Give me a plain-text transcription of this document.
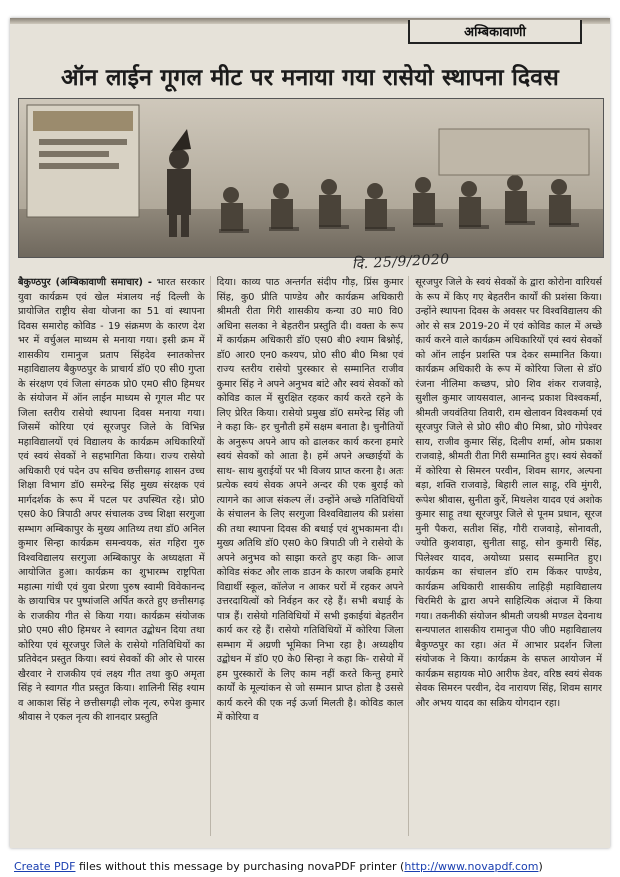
अम्बिकावाणी
ऑन लाईन गूगल मीट पर मनाया गया रासेयो स्थापना दिवस
दि. 25/9/2020

बैकुण्ठपुर (अम्बिकावाणी समाचार) - भारत सरकार युवा कार्यक्रम एवं खेल मंत्रालय नई दिल्ली के प्रायोजित राष्ट्रीय सेवा योजना का 51 वां स्थापना दिवस समारोह कोविड - 19 संक्रमण के कारण देश भर में वर्चुअल माध्यम से मनाया गया। इसी क्रम में शासकीय रामानुज प्रताप सिंहदेव स्नातकोत्तर महाविद्यालय बैकुण्ठपुर के प्राचार्य डॉ0 ए0 सी0 गुप्ता के संरक्षण एवं जिला संगठक प्रो0 एम0 सी0 हिमधर के संयोजन में ऑन लाईन माध्यम से गूगल मीट पर जिला स्तरीय रासेयो स्थापना दिवस मनाया गया। जिसमें कोरिया एवं सूरजपुर जिले के विभिन्न महाविद्यालयों एवं विद्यालय के कार्यक्रम अधिकारियों एवं स्वयं सेवकों ने सहभागिता किया। राज्य रासेयो अधिकारी एवं पदेन उप सचिव छत्तीसगढ़ शासन उच्च शिक्षा विभाग डॉ0 समरेन्द्र सिंह मुख्य संरक्षक एवं मार्गदर्शक के रूप में पटल पर उपस्थित रहे। प्रो0 एस0 के0 त्रिपाठी अपर संचालक उच्च शिक्षा सरगुजा सम्भाग अम्बिकापुर के मुख्य आतिथ्य तथा डॉ0 अनिल कुमार सिन्हा कार्यक्रम समन्वयक, संत गहिरा गुरु विश्वविद्यालय सरगुजा अम्बिकापुर के अध्यक्षता में आयोजित हुआ। कार्यक्रम का शुभारम्भ राष्ट्रपिता महात्मा गांधी एवं युवा प्रेरणा पुरुष स्वामी विवेकानन्द के छायाचित्र पर पुष्पांजलि अर्पित करते हुए छत्तीसगढ़ के राजकीय गीत से किया गया। कार्यक्रम संयोजक प्रो0 एम0 सी0 हिमधर ने स्वागत उद्बोधन दिया तथा कोरिया एवं सूरजपुर जिले के रासेयो गतिविधियों का प्रतिवेदन प्रस्तुत किया। स्वयं सेवकों की ओर से पारस खैरवार ने राजकीय एवं लक्ष्य गीत तथा कु0 अमृता सिंह ने स्वागत गीत प्रस्तुत किया। शालिनी सिंह श्याम व आकाश सिंह ने छत्तीसगढ़ी लोक नृत्य, रुपेश कुमार श्रीवास ने एकल नृत्य की शानदार प्रस्तुति

दिया। काव्य पाठ अन्तर्गत संदीप गौड़, प्रिंस कुमार सिंह, कु0 प्रीति पाण्डेय और कार्यक्रम अधिकारी श्रीमती रीता गिरी शासकीय कन्या उ0 मा0 वि0 अधिना सलका ने बेहतरीन प्रस्तुति दी। वक्ता के रूप में कार्यक्रम अधिकारी डॉ0 एस0 बी0 श्याम बिश्नोई, डॉ0 आर0 एन0 कश्यप, प्रो0 सी0 बी0 मिश्रा एवं राज्य स्तरीय रासेयो पुरस्कार से सम्मानित राजीव कुमार सिंह ने अपने अनुभव बांटे और स्वयं सेवकों को कोविड काल में सुरक्षित रहकर कार्य करते रहने के लिए प्रेरित किया। रासेयो प्रमुख डॉ0 समरेन्द्र सिंह जी ने कहा कि- हर चुनौती हमें सक्षम बनाता है। चुनौतियों के अनुरूप अपने आप को ढालकर कार्य करना हमारे स्वयं सेवकों को आता है। हमें अपने अच्छाईयों के साथ- साथ बुराईयों पर भी विजय प्राप्त करना है। अतः प्रत्येक स्वयं सेवक अपने अन्दर की एक बुराई को त्यागने का आज संकल्प लें। उन्होंने अच्छे गतिविधियों के संचालन के लिए सरगुजा विश्वविद्यालय की प्रशंसा की तथा स्थापना दिवस की बधाई एवं शुभकामना दी। मुख्य अतिथि डॉ0 एस0 के0 त्रिपाठी जी ने रासेयो के अपने अनुभव को साझा करते हुए कहा कि- आज कोविड संकट और लाक डाउन के कारण जबकि हमारे विद्यार्थी स्कूल, कॉलेज न आकर घरों में रहकर अपने उत्तरदायित्वों को निर्वहन कर रहे हैं। सभी बधाई के पात्र हैं। रासेयो गतिविधियों में सभी इकाईयां बेहतरीन कार्य कर रहे हैं। रासेयो गतिविधियों में कोरिया जिला सम्भाग में अग्रणी भूमिका निभा रहा है। अध्यक्षीय उद्बोधन में डॉ0 ए0 के0 सिन्हा ने कहा कि- रासेयो में हम पुरस्कारों के लिए काम नहीं करते किन्तु हमारे कार्यों के मूल्यांकन से जो सम्मान प्राप्त होता है उससे कार्य करने की एक नई ऊर्जा मिलती है। कोविड काल में कोरिया व

सूरजपुर जिले के स्वयं सेवकों के द्वारा कोरोना वारियर्स के रूप में किए गए बेहतरीन कार्यों की प्रशंसा किया। उन्होंने स्थापना दिवस के अवसर पर विश्वविद्यालय की ओर से सत्र 2019-20 में एवं कोविड काल में अच्छे कार्य करने वाले कार्यक्रम अधिकारियों एवं स्वयं सेवकों को ऑन लाईन प्रशस्ति पत्र देकर सम्मानित किया। कार्यक्रम अधिकारी के रूप में कोरिया जिला से डॉ0 रंजना नीलिमा कच्छप, प्रो0 शिव शंकर राजवाड़े, सुशील कुमार जायसवाल, आनन्द प्रकाश विश्वकर्मा, श्रीमती जयवंतिया तिवारी, राम खेलावन विश्वकर्मा एवं सूरजपुर जिले से प्रो0 सी0 बी0 मिश्रा, प्रो0 गोपेश्वर साय, राजीव कुमार सिंह, दिलीप शर्मा, ओम प्रकाश राजवाड़े, श्रीमती रीता गिरी सम्मानित हुए। स्वयं सेवकों में कोरिया से सिमरन परवीन, शिवम सागर, अल्पना बड़ा, शक्ति राजवाड़े, बिहारी लाल साहू, रवि मुंगरी, रूपेश श्रीवास, सुनीता कुर्रे, मिथलेश यादव एवं अशोक कुमार साहू तथा सूरजपुर जिले से पूनम प्रधान, सूरज मुनी पैकरा, सतीश सिंह, गौरी राजवाड़े, सोनावती, ज्योति कुशवाहा, सुनीता साहू, सोन कुमारी सिंह, पिलेश्वर यादव, अयोध्या प्रसाद सम्मानित हुए। कार्यक्रम का संचालन डॉ0 राम किंकर पाण्डेय, कार्यक्रम अधिकारी शासकीय लाहिड़ी महाविद्यालय चिरमिरी के द्वारा अपने साहित्यिक अंदाज में किया गया। तकनीकी संयोजन श्रीमती जयश्री मण्डल देवनाथ सन्यपालत शासकीय रामानुज पी0 जी0 महाविद्यालय बैकुण्ठपुर का रहा। अंत में आभार प्रदर्शन जिला संयोजक ने किया। कार्यक्रम के सफल आयोजन में कार्यक्रम सहायक मो0 आरीफ डेवर, वरिष्ठ स्वयं सेवक सेवक सिमरन परवीन, देव नारायण सिंह, शिवम सागर और अभय यादव का सक्रिय योगदान रहा।

Create PDF files without this message by purchasing novaPDF printer (http://www.novapdf.com)
